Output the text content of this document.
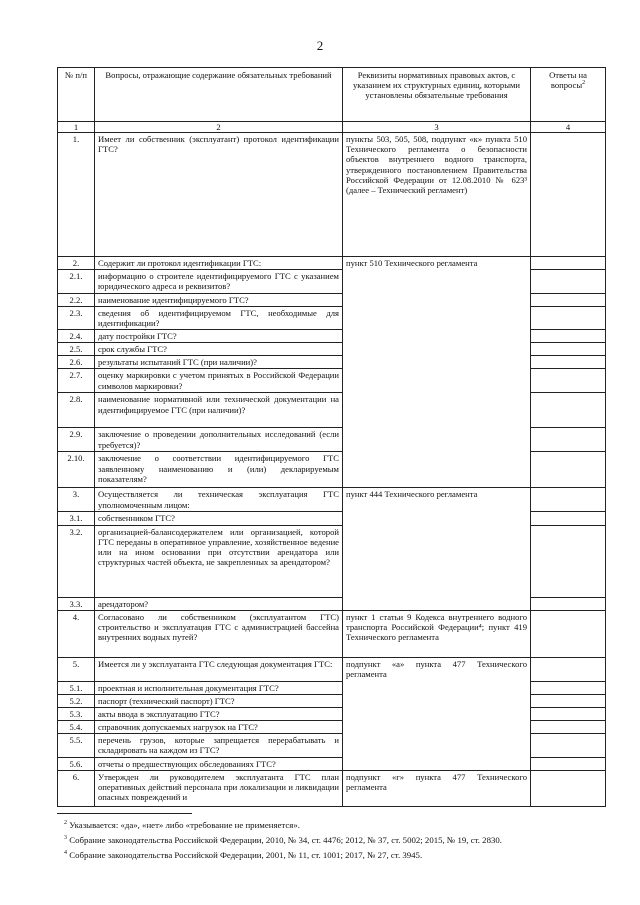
2
№ п/п	Вопросы, отражающие содержание обязательных требований	Реквизиты нормативных правовых актов, с указанием их структурных единиц, которыми установлены обязательные требования	Ответы на вопросы$^2$
1	2	3	4
1.	Имеет ли собственник (эксплуатант) протокол идентификации ГТС?	пункты 503, 505, 508, подпункт «к» пункта 510 Технического регламента о безопасности объектов внутреннего водного транспорта, утвержденного постановлением Правительства Российской Федерации от 12.08.2010 № 623³ (далее – Технический регламент)	
2.	Содержит ли протокол идентификации ГТС:	пункт 510 Технического регламента	
2.1.	информацию о строителе идентифицируемого ГТС с указанием юридического адреса и реквизитов?		
2.2.	наименование идентифицируемого ГТС?		
2.3.	сведения об идентифицируемом ГТС, необходимые для идентификации?		
2.4.	дату постройки ГТС?		
2.5.	срок службы ГТС?		
2.6.	результаты испытаний ГТС (при наличии)?		
2.7.	оценку маркировки с учетом принятых в Российской Федерации символов маркировки?		
2.8.	наименование нормативной или технической документации на идентифицируемое ГТС (при наличии)?		
2.9.	заключение о проведении дополнительных исследований (если требуется)?		
2.10.	заключение о соответствии идентифицируемого ГТС заявленному наименованию и (или) декларируемым показателям?		
3.	Осуществляется ли техническая эксплуатация ГТС уполномоченным лицом:	пункт 444 Технического регламента	
3.1.	собственником ГТС?		
3.2.	организацией-балансодержателем или организацией, которой ГТС переданы в оперативное управление, хозяйственное ведение или на ином основании при отсутствии арендатора или структурных частей объекта, не закрепленных за арендатором?		
3.3.	арендатором?		
4.	Согласовано ли собственником (эксплуатантом ГТС) строительство и эксплуатация ГТС с администрацией бассейна внутренних водных путей?	пункт 1 статьи 9 Кодекса внутреннего водного транспорта Российской Федерации⁴; пункт 419 Технического регламента	
5.	Имеется ли у эксплуатанта ГТС следующая документация ГТС:	подпункт «а» пункта 477 Технического регламента	
5.1.	проектная и исполнительная документация ГТС?		
5.2.	паспорт (технический паспорт) ГТС?		
5.3.	акты ввода в эксплуатацию ГТС?		
5.4.	справочник допускаемых нагрузок на ГТС?		
5.5.	перечень грузов, которые запрещается перерабатывать и складировать на каждом из ГТС?		
5.6.	отчеты о предшествующих обследованиях ГТС?		
6.	Утвержден ли руководителем эксплуатанта ГТС план оперативных действий персонала при локализации и ликвидации опасных повреждений и	подпункт «г» пункта 477 Технического регламента	
$^2$ Указывается: «да», «нет» либо «требование не применяется».
$^3$ Собрание законодательства Российской Федерации, 2010, № 34, ст. 4476; 2012, № 37, ст. 5002; 2015, № 19, ст. 2830.
$^4$ Собрание законодательства Российской Федерации, 2001, № 11, ст. 1001; 2017, № 27, ст. 3945.
